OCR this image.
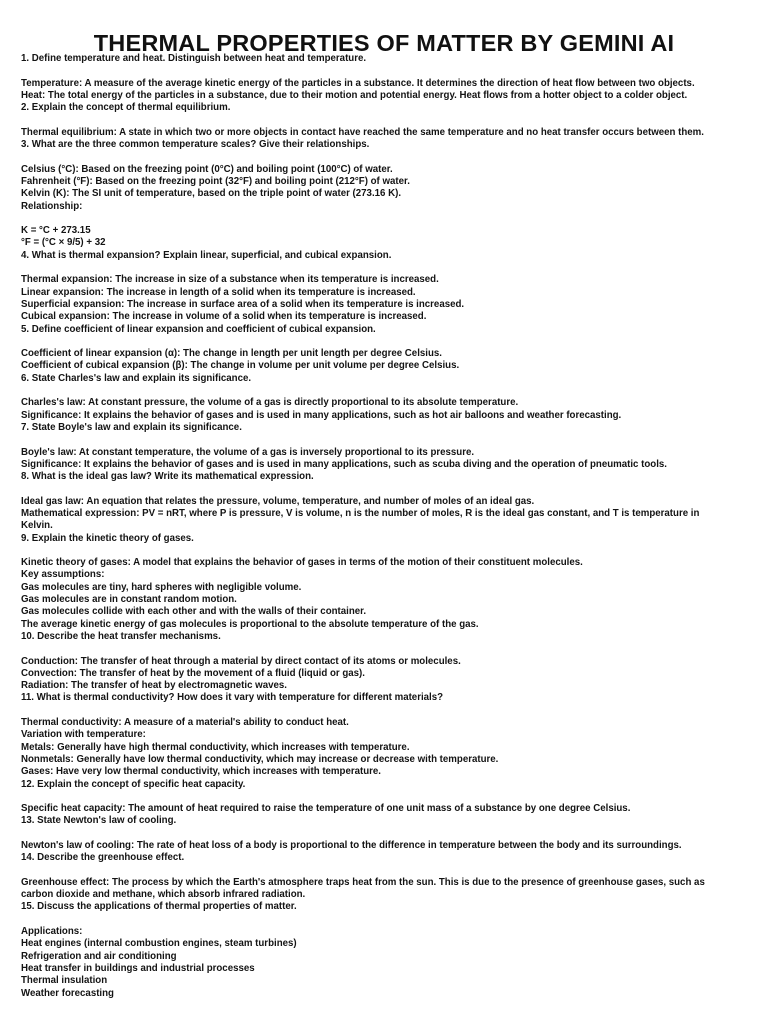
THERMAL PROPERTIES OF MATTER BY GEMINI AI
1. Define temperature and heat. Distinguish between heat and temperature.
Temperature: A measure of the average kinetic energy of the particles in a substance. It determines the direction of heat flow between two objects.
Heat: The total energy of the particles in a substance, due to their motion and potential energy. Heat flows from a hotter object to a colder object.
2. Explain the concept of thermal equilibrium.
Thermal equilibrium: A state in which two or more objects in contact have reached the same temperature and no heat transfer occurs between them.
3. What are the three common temperature scales? Give their relationships.
Celsius (°C): Based on the freezing point (0°C) and boiling point (100°C) of water.
Fahrenheit (°F): Based on the freezing point (32°F) and boiling point (212°F) of water.
Kelvin (K): The SI unit of temperature, based on the triple point of water (273.16 K).
Relationship:
K = °C + 273.15
°F = (°C × 9/5) + 32
4. What is thermal expansion? Explain linear, superficial, and cubical expansion.
Thermal expansion: The increase in size of a substance when its temperature is increased.
Linear expansion: The increase in length of a solid when its temperature is increased.
Superficial expansion: The increase in surface area of a solid when its temperature is increased.
Cubical expansion: The increase in volume of a solid when its temperature is increased.
5. Define coefficient of linear expansion and coefficient of cubical expansion.
Coefficient of linear expansion (α): The change in length per unit length per degree Celsius.
Coefficient of cubical expansion (β): The change in volume per unit volume per degree Celsius.
6. State Charles's law and explain its significance.
Charles's law: At constant pressure, the volume of a gas is directly proportional to its absolute temperature.
Significance: It explains the behavior of gases and is used in many applications, such as hot air balloons and weather forecasting.
7. State Boyle's law and explain its significance.
Boyle's law: At constant temperature, the volume of a gas is inversely proportional to its pressure.
Significance: It explains the behavior of gases and is used in many applications, such as scuba diving and the operation of pneumatic tools.
8. What is the ideal gas law? Write its mathematical expression.
Ideal gas law: An equation that relates the pressure, volume, temperature, and number of moles of an ideal gas.
Mathematical expression: PV = nRT, where P is pressure, V is volume, n is the number of moles, R is the ideal gas constant, and T is temperature in
Kelvin.
9. Explain the kinetic theory of gases.
Kinetic theory of gases: A model that explains the behavior of gases in terms of the motion of their constituent molecules.
Key assumptions:
Gas molecules are tiny, hard spheres with negligible volume.
Gas molecules are in constant random motion.
Gas molecules collide with each other and with the walls of their container.
The average kinetic energy of gas molecules is proportional to the absolute temperature of the gas.
10. Describe the heat transfer mechanisms.
Conduction: The transfer of heat through a material by direct contact of its atoms or molecules.
Convection: The transfer of heat by the movement of a fluid (liquid or gas).
Radiation: The transfer of heat by electromagnetic waves.
11. What is thermal conductivity? How does it vary with temperature for different materials?
Thermal conductivity: A measure of a material's ability to conduct heat.
Variation with temperature:
Metals: Generally have high thermal conductivity, which increases with temperature.
Nonmetals: Generally have low thermal conductivity, which may increase or decrease with temperature.
Gases: Have very low thermal conductivity, which increases with temperature.
12. Explain the concept of specific heat capacity.
Specific heat capacity: The amount of heat required to raise the temperature of one unit mass of a substance by one degree Celsius.
13. State Newton's law of cooling.
Newton's law of cooling: The rate of heat loss of a body is proportional to the difference in temperature between the body and its surroundings.
14. Describe the greenhouse effect.
Greenhouse effect: The process by which the Earth's atmosphere traps heat from the sun. This is due to the presence of greenhouse gases, such as
carbon dioxide and methane, which absorb infrared radiation.
15. Discuss the applications of thermal properties of matter.
Applications:
Heat engines (internal combustion engines, steam turbines)
Refrigeration and air conditioning
Heat transfer in buildings and industrial processes
Thermal insulation
Weather forecasting
